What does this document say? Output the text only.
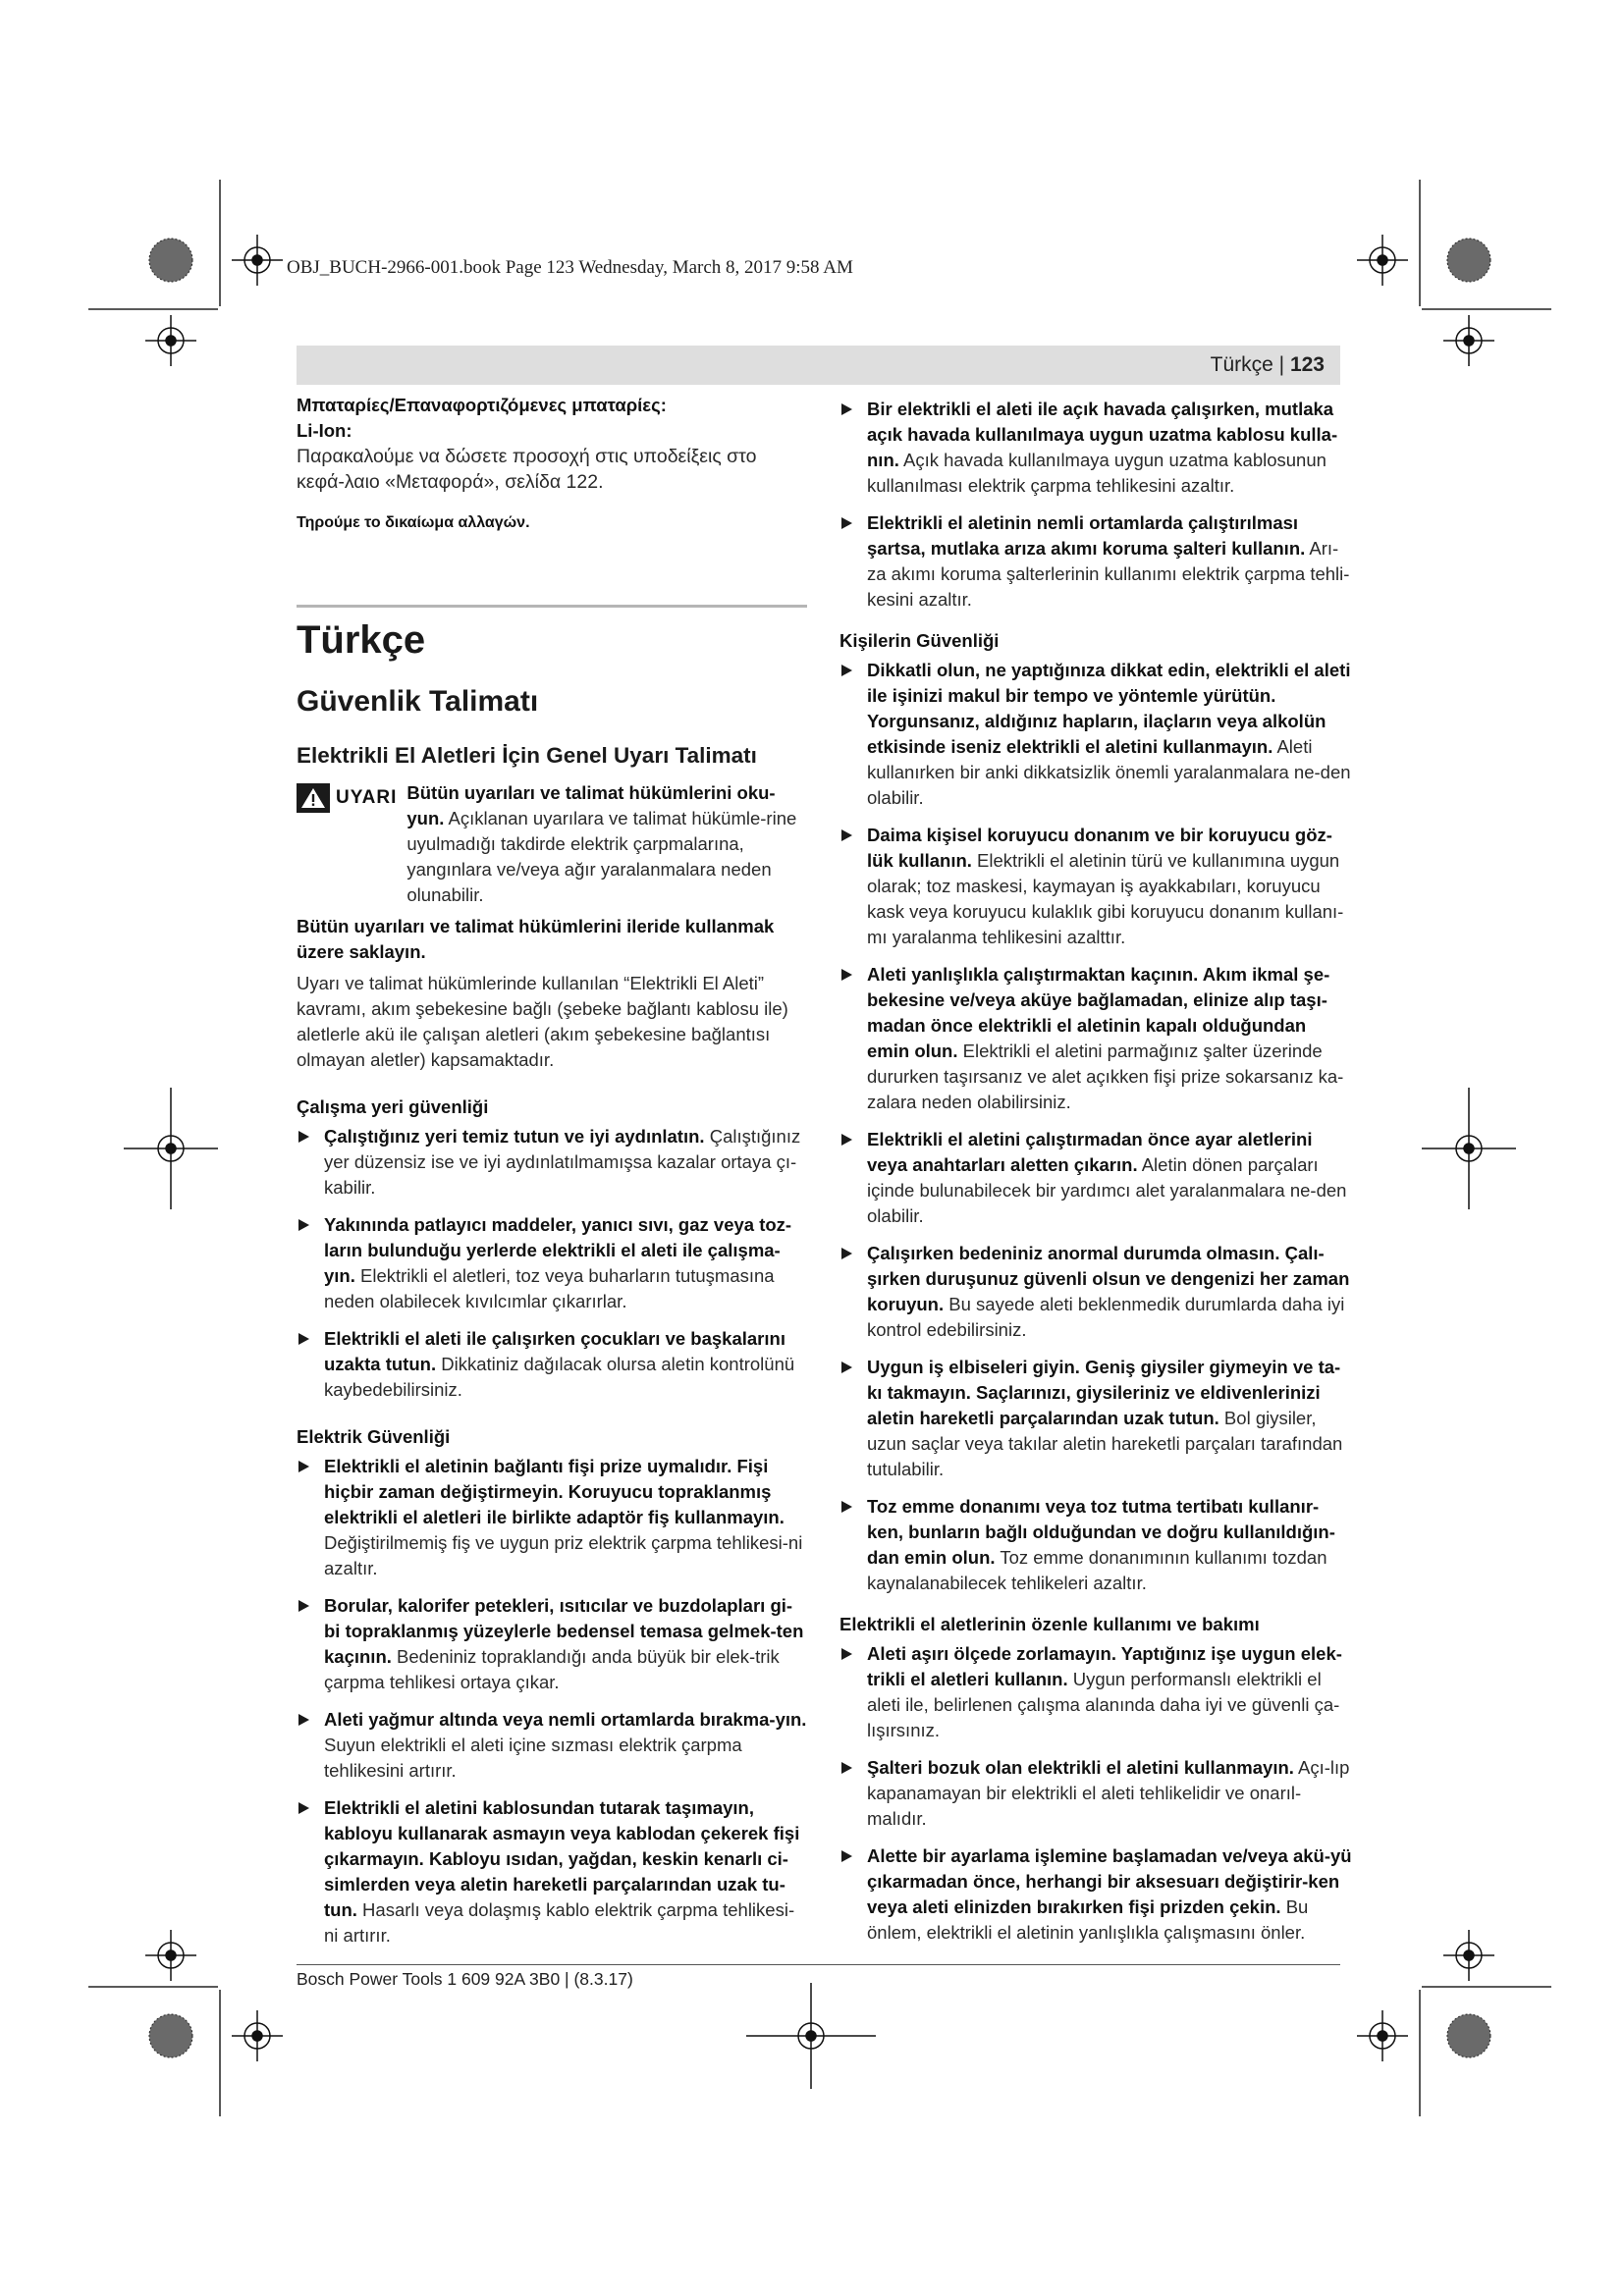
OBJ_BUCH-2966-001.book Page 123 Wednesday, March 8, 2017 9:58 AM
Türkçe | 123

Μπαταρίες/Επαναφορτιζόμενες μπαταρίες:

Li-Ion:

Παρακαλούμε να δώσετε προσοχή στις υποδείξεις στο κεφά-λαιο «Μεταφορά», σελίδα 122.

Τηρούμε το δικαίωμα αλλαγών.

Türkçe

Güvenlik Talimatı

Elektrikli El Aletleri İçin Genel Uyarı Talimatı

UYARI Bütün uyarıları ve talimat hükümlerini oku-yun. Açıklanan uyarılara ve talimat hükümle-rine uyulmadığı takdirde elektrik çarpmalarına, yangınlara ve/veya ağır yaralanmalara neden olunabilir.

Bütün uyarıları ve talimat hükümlerini ileride kullanmak üzere saklayın.

Uyarı ve talimat hükümlerinde kullanılan “Elektrikli El Aleti” kavramı, akım şebekesine bağlı (şebeke bağlantı kablosu ile) aletlerle akü ile çalışan aletleri (akım şebekesine bağlantısı olmayan aletler) kapsamaktadır.

Çalışma yeri güvenliği

Çalıştığınız yeri temiz tutun ve iyi aydınlatın. Çalıştığınız yer düzensiz ise ve iyi aydınlatılmamışsa kazalar ortaya çı-kabilir.
Yakınında patlayıcı maddeler, yanıcı sıvı, gaz veya toz-ların bulunduğu yerlerde elektrikli el aleti ile çalışma-yın. Elektrikli el aletleri, toz veya buharların tutuşmasına neden olabilecek kıvılcımlar çıkarırlar.
Elektrikli el aleti ile çalışırken çocukları ve başkalarını uzakta tutun. Dikkatiniz dağılacak olursa aletin kontrolünü kaybedebilirsiniz.

Elektrik Güvenliği

Elektrikli el aletinin bağlantı fişi prize uymalıdır. Fişi hiçbir zaman değiştirmeyin. Koruyucu topraklanmış elektrikli el aletleri ile birlikte adaptör fiş kullanmayın. Değiştirilmemiş fiş ve uygun priz elektrik çarpma tehlikesi-ni azaltır.
Borular, kalorifer petekleri, ısıtıcılar ve buzdolapları gi-bi topraklanmış yüzeylerle bedensel temasa gelmek-ten kaçının. Bedeniniz topraklandığı anda büyük bir elek-trik çarpma tehlikesi ortaya çıkar.
Aleti yağmur altında veya nemli ortamlarda bırakma-yın. Suyun elektrikli el aleti içine sızması elektrik çarpma tehlikesini artırır.
Elektrikli el aletini kablosundan tutarak taşımayın, kabloyu kullanarak asmayın veya kablodan çekerek fişi çıkarmayın. Kabloyu ısıdan, yağdan, keskin kenarlı ci-simlerden veya aletin hareketli parçalarından uzak tu-tun. Hasarlı veya dolaşmış kablo elektrik çarpma tehlikesi-ni artırır.
Bir elektrikli el aleti ile açık havada çalışırken, mutlaka açık havada kullanılmaya uygun uzatma kablosu kulla-nın. Açık havada kullanılmaya uygun uzatma kablosunun kullanılması elektrik çarpma tehlikesini azaltır.
Elektrikli el aletinin nemli ortamlarda çalıştırılması şartsa, mutlaka arıza akımı koruma şalteri kullanın. Arı-za akımı koruma şalterlerinin kullanımı elektrik çarpma tehli-kesini azaltır.

Kişilerin Güvenliği

Dikkatli olun, ne yaptığınıza dikkat edin, elektrikli el aleti ile işinizi makul bir tempo ve yöntemle yürütün. Yorgunsanız, aldığınız hapların, ilaçların veya alkolün etkisinde iseniz elektrikli el aletini kullanmayın. Aleti kullanırken bir anki dikkatsizlik önemli yaralanmalara ne-den olabilir.
Daima kişisel koruyucu donanım ve bir koruyucu göz-lük kullanın. Elektrikli el aletinin türü ve kullanımına uygun olarak; toz maskesi, kaymayan iş ayakkabıları, koruyucu kask veya koruyucu kulaklık gibi koruyucu donanım kullanı-mı yaralanma tehlikesini azalttır.
Aleti yanlışlıkla çalıştırmaktan kaçının. Akım ikmal şe-bekesine ve/veya aküye bağlamadan, elinize alıp taşı-madan önce elektrikli el aletinin kapalı olduğundan emin olun. Elektrikli el aletini parmağınız şalter üzerinde dururken taşırsanız ve alet açıkken fişi prize sokarsanız ka-zalara neden olabilirsiniz.
Elektrikli el aletini çalıştırmadan önce ayar aletlerini veya anahtarları aletten çıkarın. Aletin dönen parçaları içinde bulunabilecek bir yardımcı alet yaralanmalara ne-den olabilir.
Çalışırken bedeniniz anormal durumda olmasın. Çalı-şırken duruşunuz güvenli olsun ve dengenizi her zaman koruyun. Bu sayede aleti beklenmedik durumlarda daha iyi kontrol edebilirsiniz.
Uygun iş elbiseleri giyin. Geniş giysiler giymeyin ve ta-kı takmayın. Saçlarınızı, giysileriniz ve eldivenlerinizi aletin hareketli parçalarından uzak tutun. Bol giysiler, uzun saçlar veya takılar aletin hareketli parçaları tarafından tutulabilir.
Toz emme donanımı veya toz tutma tertibatı kullanır-ken, bunların bağlı olduğundan ve doğru kullanıldığın-dan emin olun. Toz emme donanımının kullanımı tozdan kaynalanabilecek tehlikeleri azaltır.

Elektrikli el aletlerinin özenle kullanımı ve bakımı

Aleti aşırı ölçede zorlamayın. Yaptığınız işe uygun elek-trikli el aletleri kullanın. Uygun performanslı elektrikli el aleti ile, belirlenen çalışma alanında daha iyi ve güvenli ça-lışırsınız.
Şalteri bozuk olan elektrikli el aletini kullanmayın. Açı-lıp kapanamayan bir elektrikli el aleti tehlikelidir ve onarıl-malıdır.
Alette bir ayarlama işlemine başlamadan ve/veya akü-yü çıkarmadan önce, herhangi bir aksesuarı değiştirir-ken veya aleti elinizden bırakırken fişi prizden çekin. Bu önlem, elektrikli el aletinin yanlışlıkla çalışmasını önler.
Bosch Power Tools 1 609 92A 3B0 | (8.3.17)
